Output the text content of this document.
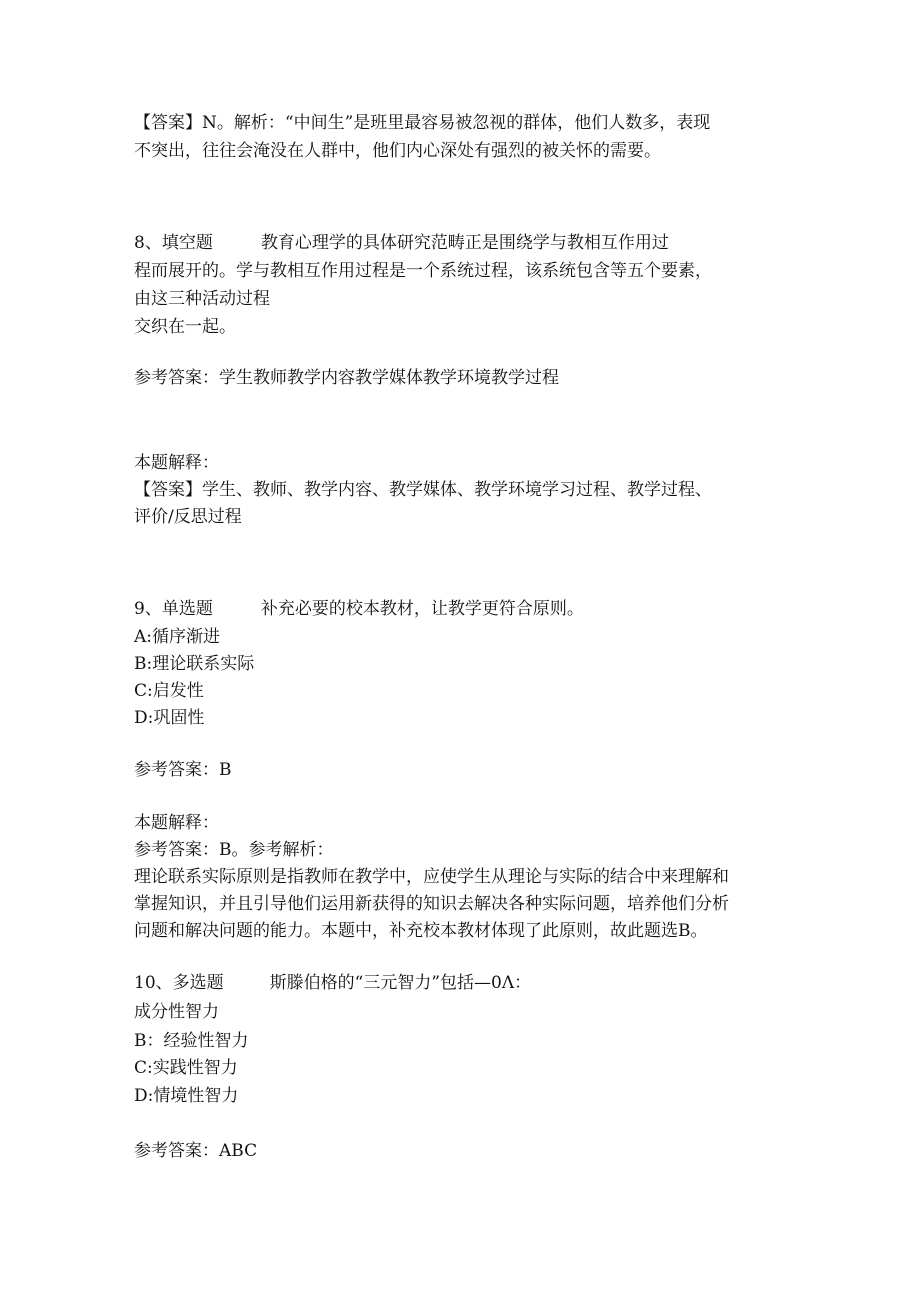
【答案】N。解析：“中间生”是班里最容易被忽视的群体，他们人数多，表现
不突出，往往会淹没在人群中，他们内心深处有强烈的被关怀的需要。
8、填空题	教育心理学的具体研究范畴正是围绕学与教相互作用过
程而展开的。学与教相互作用过程是一个系统过程，该系统包含等五个要素，
由这三种活动过程
交织在一起。
参考答案：学生教师教学内容教学媒体教学环境教学过程
本题解释：
【答案】学生、教师、教学内容、教学媒体、教学环境学习过程、教学过程、
评价/反思过程
9、单选题	补充必要的校本教材，让教学更符合原则。
A:循序渐进
B:理论联系实际
C:启发性
D:巩固性
参考答案：B
本题解释：
参考答案：B。参考解析：
理论联系实际原则是指教师在教学中，应使学生从理论与实际的结合中来理解和
掌握知识，并且引导他们运用新获得的知识去解决各种实际问题，培养他们分析
问题和解决问题的能力。本题中，补充校本教材体现了此原则，故此题选B。
10、多选题	斯滕伯格的“三元智力”包括—0Λ：
成分性智力
B：经验性智力
C:实践性智力
D:情境性智力
参考答案：ABC
